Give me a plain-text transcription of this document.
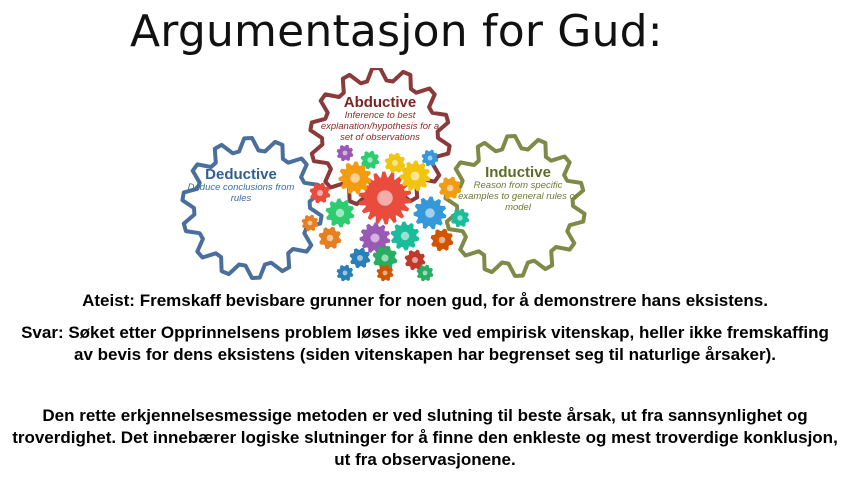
Argumentasjon for Gud:
Deductive
Deduce conclusions from rules
Abductive
Inference to best explanation/hypothesis for a set of observations
Inductive
Reason from specific examples to general rules or model
Ateist: Fremskaff bevisbare grunner for noen gud, for å demonstrere hans eksistens.
Svar: Søket etter Opprinnelsens problem løses ikke ved empirisk vitenskap, heller ikke fremskaffing av bevis for dens eksistens (siden vitenskapen har begrenset seg til naturlige årsaker).
Den rette erkjennelsesmessige metoden er ved slutning til beste årsak, ut fra sannsynlighet og troverdighet. Det innebærer logiske slutninger for å finne den enkleste og mest troverdige konklusjon, ut fra observasjonene.
